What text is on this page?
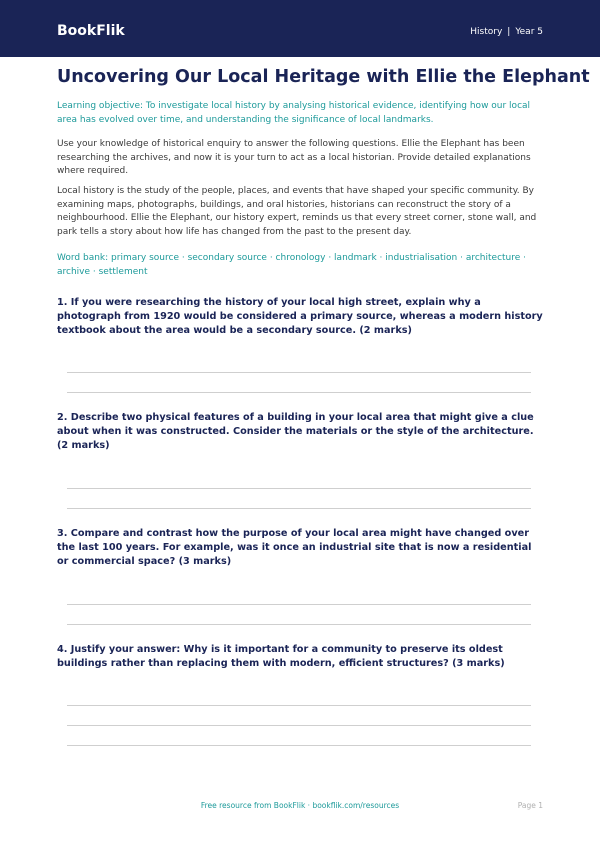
BookFlik	History | Year 5
Uncovering Our Local Heritage with Ellie the Elephant

Learning objective: To investigate local history by analysing historical evidence, identifying how our local area has evolved over time, and understanding the significance of local landmarks.

Use your knowledge of historical enquiry to answer the following questions. Ellie the Elephant has been researching the archives, and now it is your turn to act as a local historian. Provide detailed explanations where required.

Local history is the study of the people, places, and events that have shaped your specific community. By examining maps, photographs, buildings, and oral histories, historians can reconstruct the story of a neighbourhood. Ellie the Elephant, our history expert, reminds us that every street corner, stone wall, and park tells a story about how life has changed from the past to the present day.

Word bank: primary source · secondary source · chronology · landmark · industrialisation · architecture · archive · settlement

1. If you were researching the history of your local high street, explain why a photograph from 1920 would be considered a primary source, whereas a modern history textbook about the area would be a secondary source. (2 marks)

2. Describe two physical features of a building in your local area that might give a clue about when it was constructed. Consider the materials or the style of the architecture. (2 marks)

3. Compare and contrast how the purpose of your local area might have changed over the last 100 years. For example, was it once an industrial site that is now a residential or commercial space? (3 marks)

4. Justify your answer: Why is it important for a community to preserve its oldest buildings rather than replacing them with modern, efficient structures? (3 marks)

Free resource from BookFlik · bookflik.com/resources	Page 1
